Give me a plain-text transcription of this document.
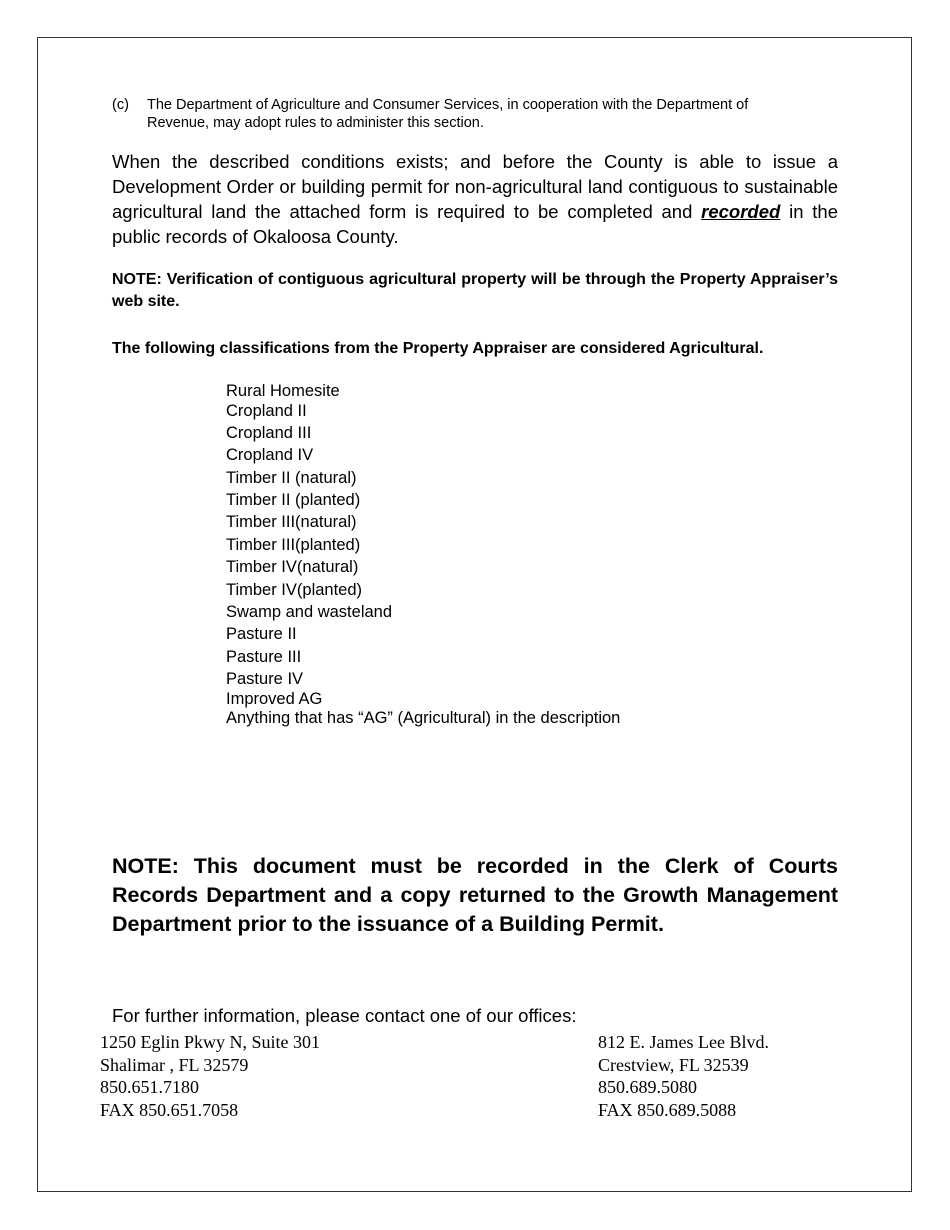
(c)	The Department of Agriculture and Consumer Services, in cooperation with the Department of Revenue, may adopt rules to administer this section.
When the described conditions exists; and before the County is able to issue a Development Order or building permit for non-agricultural land contiguous to sustainable agricultural land the attached form is required to be completed and recorded in the public records of Okaloosa County.
NOTE: Verification of contiguous agricultural property will be through the Property Appraiser’s web site.
The following classifications from the Property Appraiser are considered Agricultural.
Rural Homesite
Cropland II
Cropland III
Cropland IV
Timber II (natural)
Timber II (planted)
Timber III(natural)
Timber III(planted)
Timber IV(natural)
Timber IV(planted)
Swamp and wasteland
Pasture II
Pasture III
Pasture IV
Improved AG
Anything that has “AG” (Agricultural) in the description
NOTE: This document must be recorded in the Clerk of Courts Records Department and a copy returned to the Growth Management Department prior to the issuance of a Building Permit.
For further information, please contact one of our offices:
1250 Eglin Pkwy N, Suite 301
Shalimar , FL 32579
850.651.7180
FAX 850.651.7058
812 E. James Lee Blvd.
Crestview, FL 32539
850.689.5080
FAX 850.689.5088
